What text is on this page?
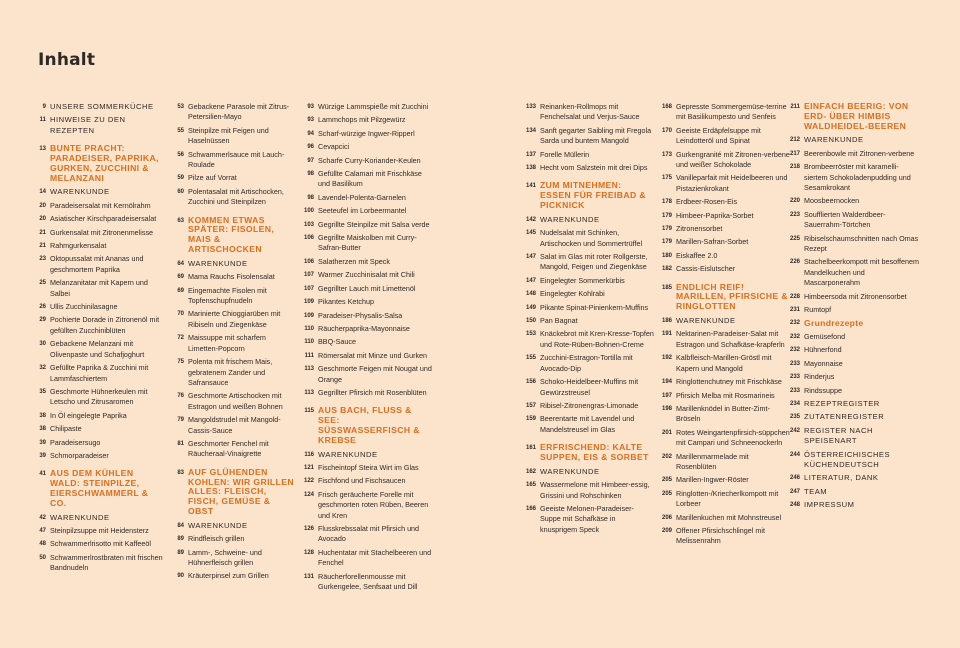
Inhalt
9 UNSERE SOMMERKÜCHE
11 HINWEISE ZU DEN REZEPTEN
13 BUNTE PRACHT: PARADEISER, PAPRIKA, GURKEN, ZUCCHINI & MELANZANI
14 WARENKUNDE
20 Paradeisersalat mit Kernölrahm
20 Asiatischer Kirschparadeisersalat
21 Gurkensalat mit Zitronenmelisse
21 Rahmgurkensalat
23 Oktopussalat mit Ananas und geschmortem Paprika
25 Melanzanitatar mit Kapern und Salbei
26 Ullis Zucchinilasagne
29 Pochierte Dorade in Zitronenöl mit gefüllten Zucchiniblüten
30 Gebackene Melanzani mit Olivenpaste und Schafjoghurt
32 Gefüllte Paprika & Zucchini mit Lammfaschiertem
35 Geschmorte Hühnerkeulen mit Letscho und Zitrusaromen
38 In Öl eingelegte Paprika
38 Chilipaste
39 Paradeisersugo
39 Schmorparadeiser
41 AUS DEM KÜHLEN WALD: STEINPILZE, EIERSCHWAMMERL & CO.
42 WARENKUNDE
47 Steinpilzsuppe mit Heidensterz
48 Schwammerlrisotto mit Kaffeeöl
50 Schwammerlrostbraten mit frischen Bandnudeln
53 Gebackene Parasole mit Zitrus-Petersilien-Mayo
55 Steinpilze mit Feigen und Haselnüssen
56 Schwammerlsauce mit Lauch-Roulade
59 Pilze auf Vorrat
60 Polentasalat mit Artischocken, Zucchini und Steinpilzen
63 KOMMEN ETWAS SPÄTER: FISOLEN, MAIS & ARTISCHOCKEN
64 WARENKUNDE
69 Mama Rauchs Fisolensalat
69 Eingemachte Fisolen mit Topfenschupfnudeln
70 Marinierte Chioggiarüben mit Ribiseln und Ziegenkäse
72 Maissuppe mit scharfem Limetten-Popcorn
75 Polenta mit frischem Mais, gebratenem Zander und Safransauce
76 Geschmorte Artischocken mit Estragon und weißen Bohnen
79 Mangoldstrudel mit Mangold-Cassis-Sauce
81 Geschmorter Fenchel mit Räucheraal-Vinaigrette
83 AUF GLÜHENDEN KOHLEN: WIR GRILLEN ALLES: FLEISCH, FISCH, GEMÜSE & OBST
84 WARENKUNDE
89 Rindfleisch grillen
89 Lamm-, Schweine- und Hühnerfleisch grillen
90 Kräuterpinsel zum Grillen
93 Würzige Lammspieße mit Zucchini
93 Lammchops mit Pilzgewürz
94 Scharf-würzige Ingwer-Ripperl
96 Cevapcici
97 Scharfe Curry-Koriander-Keulen
98 Gefüllte Calamari mit Frischkäse und Basilikum
98 Lavendel-Polenta-Garnelen
100 Seeteufel im Lorbeermantel
103 Gegrillte Steinpilze mit Salsa verde
106 Gegrillte Maiskolben mit Curry-Safran-Butter
106 Salatherzen mit Speck
107 Warmer Zucchinisalat mit Chili
107 Gegrillter Lauch mit Limettenöl
109 Pikantes Ketchup
109 Paradeiser-Physalis-Salsa
110 Räucherpaprika-Mayonnaise
110 BBQ-Sauce
111 Römersalat mit Minze und Gurken
113 Geschmorte Feigen mit Nougat und Orange
113 Gegrillter Pfirsich mit Rosenblüten
115 AUS BACH, FLUSS & SEE: SÜSSWASSERFISCH & KREBSE
116 WARENKUNDE
121 Fischeintopf Steira Wirt im Glas
122 Fischfond und Fischsaucen
124 Frisch geräucherte Forelle mit geschmorten roten Rüben, Beeren und Kren
126 Flusskrebssalat mit Pfirsich und Avocado
128 Huchentatar mit Stachelbeeren und Fenchel
131 Räucherforellenmousse mit Gurkengelee, Senfsaat und Dill
133 Reinanken-Rollmops mit Fenchelsalat und Verjus-Sauce
134 Sanft gegarter Saibling mit Fregola Sarda und buntem Mangold
137 Forelle Müllerin
138 Hecht vom Salzstein mit drei Dips
141 ZUM MITNEHMEN: ESSEN FÜR FREIBAD & PICKNICK
142 WARENKUNDE
145 Nudelsalat mit Schinken, Artischocken und Sommertrüffel
147 Salat im Glas mit roter Rollgerste, Mangold, Feigen und Ziegenkäse
147 Eingelegter Sommerkürbis
148 Eingelegter Kohlrabi
149 Pikante Spinat-Pinienkern-Muffins
150 Pan Bagnat
153 Knäckebrot mit Kren-Kresse-Topfen und Rote-Rüben-Bohnen-Creme
155 Zucchini-Estragon-Tortilla mit Avocado-Dip
156 Schoko-Heidelbeer-Muffins mit Gewürzstreusel
157 Ribisel-Zitronengras-Limonade
159 Beerentarte mit Lavendel und Mandelstreusel im Glas
161 ERFRISCHEND: KALTE SUPPEN, EIS & SORBET
162 WARENKUNDE
165 Wassermelone mit Himbeer-essig, Grissini und Rohschinken
166 Geeiste Melonen-Paradeiser-Suppe mit Schafkäse in knusprigem Speck
168 Gepresste Sommergemüse-terrine mit Basilikumpesto und Senfeis
170 Geeiste Erdäpfelsuppe mit Leindotteröl und Spinat
173 Gurkengranité mit Zitronen-verbene und weißer Schokolade
175 Vanilleparfait mit Heidelbeeren und Pistazienkrokant
178 Erdbeer-Rosen-Eis
179 Himbeer-Paprika-Sorbet
179 Zitronensorbet
179 Marillen-Safran-Sorbet
180 Eiskaffee 2.0
182 Cassis-Eislutscher
185 ENDLICH REIF! MARILLEN, PFIRSICHE & RINGLOTTEN
186 WARENKUNDE
191 Nektarinen-Paradeiser-Salat mit Estragon und Schafkäse-krapferln
192 Kalbfleisch-Marillen-Gröstl mit Kapern und Mangold
194 Ringlottenchutney mit Frischkäse
197 Pfirsich Melba mit Rosmarineis
198 Marillenknödel in Butter-Zimt-Bröseln
201 Rotes Weingartenpfirsich-süppchen mit Campari und Schneenockerln
202 Marillenmarmelade mit Rosenblüten
205 Marillen-Ingwer-Röster
205 Ringlotten-/Kriecherlkompott mit Lorbeer
206 Marillenkuchen mit Mohnstreusel
209 Offener Pfirsichschlingel mit Melissenrahm
211 EINFACH BEERIG: VON ERD- ÜBER HIMBIS WALDHEIDEL-BEEREN
212 WARENKUNDE
217 Beerenbowle mit Zitronen-verbene
218 Brombeerröster mit karamelli-siertem Schokoladenpudding und Sesamkrokant
220 Moosbeernocken
223 Soufflierten Walderdbeer-Sauerrahm-Törtchen
225 Ribiselschaumschnitten nach Omas Rezept
226 Stachelbeerkompott mit besoffenem Mandelkuchen und Mascarponerahm
228 Himbeersoda mit Zitronensorbet
231 Rumtopf
232 Grundrezepte
232 Gemüsefond
232 Hühnerfond
233 Mayonnaise
233 Rinderjus
233 Rindssuppe
234 REZEPTREGISTER
235 ZUTATENREGISTER
242 REGISTER NACH SPEISENART
244 ÖSTERREICHISCHES KÜCHENDEUTSCH
246 LITERATUR, DANK
247 TEAM
248 IMPRESSUM
